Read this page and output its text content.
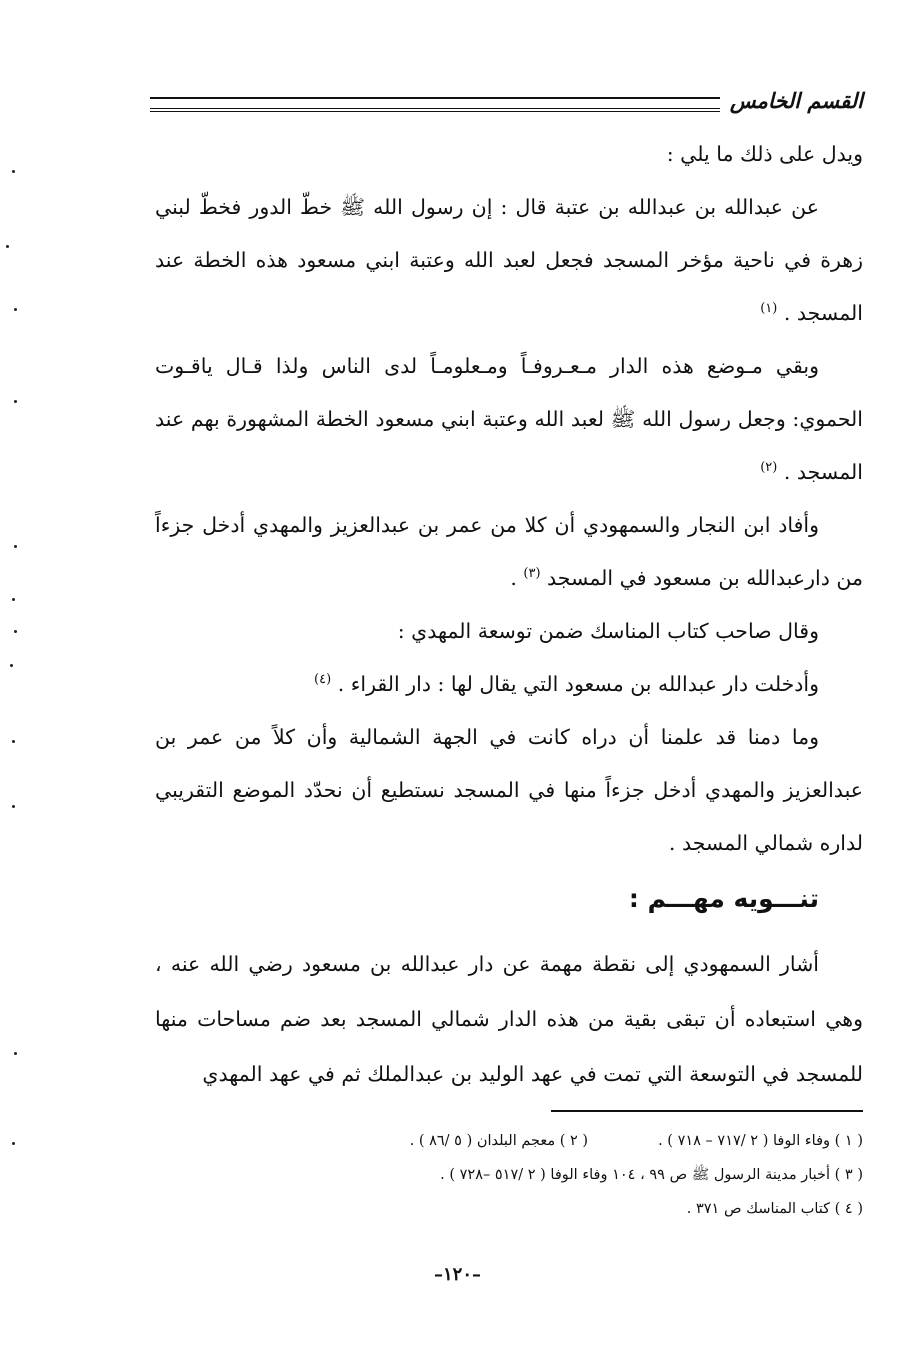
القسم الخامس

ويدل على ذلك ما يلي :

عن عبدالله بن عبدالله بن عتبة قال : إن رسول الله ﷺ خطّ الدور فخطّ لبني زهرة في ناحية مؤخر المسجد فجعل لعبد الله وعتبة ابني مسعود هذه الخطة عند المسجد . $^{(١)}$

وبقي مـوضع هذه الدار مـعـروفـاً ومـعلومـاً لدى الناس ولذا قـال ياقـوت الحموي: وجعل رسول الله ﷺ لعبد الله وعتبة ابني مسعود الخطة المشهورة بهم عند المسجد . $^{(٢)}$

وأفاد ابن النجار والسمهودي أن كلا من عمر بن عبدالعزيز والمهدي أدخل جزءاً من دارعبدالله بن مسعود في المسجد $^{(٣)}$ .

وقال صاحب كتاب المناسك ضمن توسعة المهدي :

وأدخلت دار عبدالله بن مسعود التي يقال لها : دار القراء . $^{(٤)}$

وما دمنا قد علمنا أن دراه كانت في الجهة الشمالية وأن كلاً من عمر بن عبدالعزيز والمهدي أدخل جزءاً منها في المسجد نستطيع أن نحدّد الموضع التقريبي لداره شمالي المسجد .

تنـــويه مهـــم :

أشار السمهودي إلى نقطة مهمة عن دار عبدالله بن مسعود رضي الله عنه ، وهي استبعاده أن تبقى بقية من هذه الدار شمالي المسجد بعد ضم مساحات منها للمسجد في التوسعة التي تمت في عهد الوليد بن عبدالملك ثم في عهد المهدي

( ١ ) وفاء الوفا ( ٢ /٧١٧ – ٧١٨ ) .( ٢ ) معجم البلدان ( ٥ /٨٦ ) .
( ٣ ) أخبار مدينة الرسول ﷺ ص ٩٩ ، ١٠٤ وفاء الوفا ( ٢ /٥١٧ –٧٢٨ ) .
( ٤ ) كتاب المناسك ص ٣٧١ .
–١٢٠–
